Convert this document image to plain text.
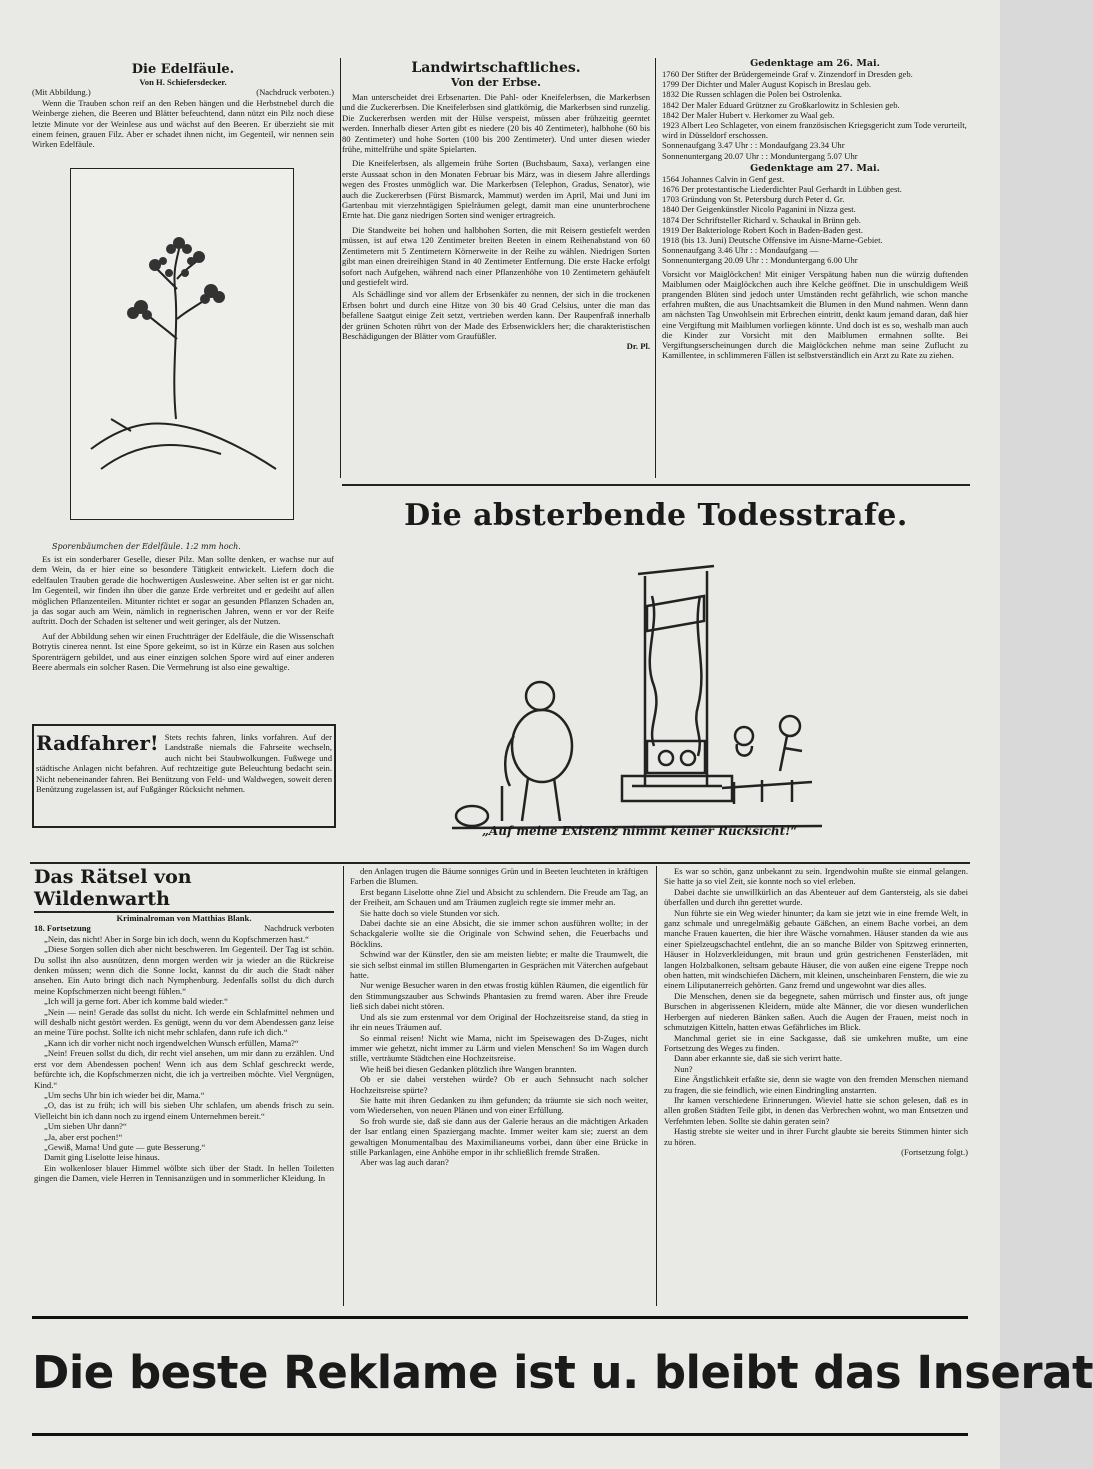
Die Edelfäule.
Von H. Schiefersdecker.
(Mit Abbildung.)	(Nachdruck verboten.)

Wenn die Trauben schon reif an den Reben hängen und die Herbstnebel durch die Weinberge ziehen, die Beeren und Blätter befeuchtend, dann nützt ein Pilz noch diese letzte Minute vor der Weinlese aus und wächst auf den Beeren. Er überzieht sie mit einem feinen, grauen Filz. Aber er schadet ihnen nicht, im Gegenteil, wir nennen sein Wirken Edelfäule.

Sporenbäumchen der Edelfäule. 1:2 mm hoch.

Es ist ein sonderbarer Geselle, dieser Pilz. Man sollte denken, er wachse nur auf dem Wein, da er hier eine so besondere Tätigkeit entwickelt. Liefern doch die edelfaulen Trauben gerade die hochwertigen Auslesweine. Aber selten ist er gar nicht. Im Gegenteil, wir finden ihn über die ganze Erde verbreitet und er gedeiht auf allen möglichen Pflanzenteilen. Mitunter richtet er sogar an gesunden Pflanzen Schaden an, ja das sogar auch am Wein, nämlich in regnerischen Jahren, wenn er vor der Reife auftritt. Doch der Schaden ist seltener und weit geringer, als der Nutzen.

Auf der Abbildung sehen wir einen Fruchtträger der Edelfäule, die die Wissenschaft Botrytis cinerea nennt. Ist eine Spore gekeimt, so ist in Kürze ein Rasen aus solchen Sporenträgern gebildet, und aus einer einzigen solchen Spore wird auf einer anderen Beere abermals ein solcher Rasen. Die Vermehrung ist also eine gewaltige.

Landwirtschaftliches.
Von der Erbse.

Man unterscheidet drei Erbsenarten. Die Pahl- oder Kneifelerbsen, die Markerbsen und die Zuckererbsen. Die Kneifelerbsen sind glattkörnig, die Markerbsen sind runzelig. Die Zuckererbsen werden mit der Hülse verspeist, müssen aber frühzeitig geerntet werden. Innerhalb dieser Arten gibt es niedere (20 bis 40 Zentimeter), halbhohe (60 bis 80 Zentimeter) und hohe Sorten (100 bis 200 Zentimeter). Und unter diesen wieder frühe, mittelfrühe und späte Spielarten.

Die Kneifelerbsen, als allgemein frühe Sorten (Buchsbaum, Saxa), verlangen eine erste Aussaat schon in den Monaten Februar bis März, was in diesem Jahre allerdings wegen des Frostes unmöglich war. Die Markerbsen (Telephon, Gradus, Senator), wie auch die Zuckererbsen (Fürst Bismarck, Mammut) werden im April, Mai und Juni im Gartenbau mit vierzehntägigen Spielräumen gelegt, damit man eine ununterbrochene Ernte hat. Die ganz niedrigen Sorten sind weniger ertragreich.

Die Standweite bei hohen und halbhohen Sorten, die mit Reisern gestiefelt werden müssen, ist auf etwa 120 Zentimeter breiten Beeten in einem Reihenabstand von 60 Zentimetern mit 5 Zentimetern Körnerweite in der Reihe zu wählen. Niedrigen Sorten gibt man einen dreireihigen Stand in 40 Zentimeter Entfernung. Die erste Hacke erfolgt sofort nach Aufgehen, während nach einer Pflanzenhöhe von 10 Zentimetern gehäufelt und gestiefelt wird.

Als Schädlinge sind vor allem der Erbsenkäfer zu nennen, der sich in die trockenen Erbsen bohrt und durch eine Hitze von 30 bis 40 Grad Celsius, unter die man das befallene Saatgut einige Zeit setzt, vertrieben werden kann. Der Raupenfraß innerhalb der grünen Schoten rührt von der Made des Erbsenwicklers her; die charakteristischen Beschädigungen der Blätter vom Graufüßler.

Dr. Pl.
Gedenktage am 26. Mai.

1760 Der Stifter der Brüdergemeinde Graf v. Zinzendorf in Dresden geb.

1799 Der Dichter und Maler August Kopisch in Breslau geb.

1832 Die Russen schlagen die Polen bei Ostrolenka.

1842 Der Maler Eduard Grützner zu Großkarlowitz in Schlesien geb.

1842 Der Maler Hubert v. Herkomer zu Waal geb.

1923 Albert Leo Schlageter, von einem französischen Kriegsgericht zum Tode verurteilt, wird in Düsseldorf erschossen.

Sonnenaufgang 3.47 Uhr : : Mondaufgang 23.34 Uhr
Sonnenuntergang 20.07 Uhr : : Monduntergang 5.07 Uhr
Gedenktage am 27. Mai.

1564 Johannes Calvin in Genf gest.

1676 Der protestantische Liederdichter Paul Gerhardt in Lübben gest.

1703 Gründung von St. Petersburg durch Peter d. Gr.

1840 Der Geigenkünstler Nicolo Paganini in Nizza gest.

1874 Der Schriftsteller Richard v. Schaukal in Brünn geb.

1919 Der Bakteriologe Robert Koch in Baden-Baden gest.

1918 (bis 13. Juni) Deutsche Offensive im Aisne-Marne-Gebiet.

Sonnenaufgang 3.46 Uhr : : Mondaufgang —
Sonnenuntergang 20.09 Uhr : : Monduntergang 6.00 Uhr

Vorsicht vor Maiglöckchen! Mit einiger Verspätung haben nun die würzig duftenden Maiblumen oder Maiglöckchen auch ihre Kelche geöffnet. Die in unschuldigem Weiß prangenden Blüten sind jedoch unter Umständen recht gefährlich, wie schon manche erfahren mußten, die aus Unachtsamkeit die Blumen in den Mund nahmen. Wenn dann am nächsten Tag Unwohlsein mit Erbrechen eintritt, denkt kaum jemand daran, daß hier eine Vergiftung mit Maiblumen vorliegen könnte. Und doch ist es so, weshalb man auch die Kinder zur Vorsicht mit den Maiblumen ermahnen sollte. Bei Vergiftungserscheinungen durch die Maiglöckchen nehme man seine Zuflucht zu Kamillentee, in schlimmeren Fällen ist selbstverständlich ein Arzt zu Rate zu ziehen.

Die absterbende Todesstrafe.
„Auf meine Existenz nimmt keiner Rücksicht!“
Radfahrer! Stets rechts fahren, links vorfahren. Auf der Landstraße niemals die Fahrseite wechseln, auch nicht bei Staubwolkungen. Fußwege und städtische Anlagen nicht befahren. Auf rechtzeitige gute Beleuchtung bedacht sein. Nicht nebeneinander fahren. Bei Benützung von Feld- und Waldwegen, soweit deren Benützung zugelassen ist, auf Fußgänger Rücksicht nehmen.
Das Rätsel von Wildenwarth
Kriminalroman von Matthias Blank.
18. Fortsetzung	Nachdruck verboten

„Nein, das nicht! Aber in Sorge bin ich doch, wenn du Kopfschmerzen hast.“

„Diese Sorgen sollen dich aber nicht beschweren. Im Gegenteil. Der Tag ist schön. Du sollst ihn also ausnützen, denn morgen werden wir ja wieder an die Rückreise denken müssen; wenn dich die Sonne lockt, kannst du dir auch die Stadt näher ansehen. Ein Auto bringt dich nach Nymphenburg. Jedenfalls sollst du dich durch meine Kopfschmerzen nicht beengt fühlen.“

„Ich will ja gerne fort. Aber ich komme bald wieder.“

„Nein — nein! Gerade das sollst du nicht. Ich werde ein Schlafmittel nehmen und will deshalb nicht gestört werden. Es genügt, wenn du vor dem Abendessen ganz leise an meine Türe pochst. Sollte ich nicht mehr schlafen, dann rufe ich dich.“

„Kann ich dir vorher nicht noch irgendwelchen Wunsch erfüllen, Mama?“

„Nein! Freuen sollst du dich, dir recht viel ansehen, um mir dann zu erzählen. Und erst vor dem Abendessen pochen! Wenn ich aus dem Schlaf geschreckt werde, befürchte ich, die Kopfschmerzen nicht, die ich ja vertreiben möchte. Viel Vergnügen, Kind.“

„Um sechs Uhr bin ich wieder bei dir, Mama.“

„O, das ist zu früh; ich will bis sieben Uhr schlafen, um abends frisch zu sein. Vielleicht bin ich dann noch zu irgend einem Unternehmen bereit.“

„Um sieben Uhr dann?“

„Ja, aber erst pochen!“

„Gewiß, Mama! Und gute — gute Besserung.“

Damit ging Liselotte leise hinaus.

Ein wolkenloser blauer Himmel wölbte sich über der Stadt. In hellen Toiletten gingen die Damen, viele Herren in Tennisanzügen und in sommerlicher Kleidung. In

den Anlagen trugen die Bäume sonniges Grün und in Beeten leuchteten in kräftigen Farben die Blumen.

Erst begann Liselotte ohne Ziel und Absicht zu schlendern. Die Freude am Tag, an der Freiheit, am Schauen und am Träumen zugleich regte sie immer mehr an.

Sie hatte doch so viele Stunden vor sich.

Dabei dachte sie an eine Absicht, die sie immer schon ausführen wollte; in der Schackgalerie wollte sie die Originale von Schwind sehen, die Feuerbachs und Böcklins.

Schwind war der Künstler, den sie am meisten liebte; er malte die Traumwelt, die sie sich selbst einmal im stillen Blumengarten in Gesprächen mit Väterchen aufgebaut hatte.

Nur wenige Besucher waren in den etwas frostig kühlen Räumen, die eigentlich für den Stimmungszauber aus Schwinds Phantasien zu fremd waren. Aber ihre Freude ließ sich dabei nicht stören.

Und als sie zum erstenmal vor dem Original der Hochzeitsreise stand, da stieg in ihr ein neues Träumen auf.

So einmal reisen! Nicht wie Mama, nicht im Speisewagen des D-Zuges, nicht immer wie gehetzt, nicht immer zu Lärm und vielen Menschen! So im Wagen durch stille, verträumte Städtchen eine Hochzeitsreise.

Wie heiß bei diesen Gedanken plötzlich ihre Wangen brannten.

Ob er sie dabei verstehen würde? Ob er auch Sehnsucht nach solcher Hochzeitsreise spürte?

Sie hatte mit ihren Gedanken zu ihm gefunden; da träumte sie sich noch weiter, vom Wiedersehen, von neuen Plänen und von einer Erfüllung.

So froh wurde sie, daß sie dann aus der Galerie heraus an die mächtigen Arkaden der Isar entlang einen Spaziergang machte. Immer weiter kam sie; zuerst an dem gewaltigen Monumentalbau des Maximilianeums vorbei, dann über eine Brücke in stille Parkanlagen, eine Anhöhe empor in ihr schließlich fremde Straßen.

Aber was lag auch daran?

Es war so schön, ganz unbekannt zu sein. Irgendwohin mußte sie einmal gelangen. Sie hatte ja so viel Zeit, sie konnte noch so viel erleben.

Dabei dachte sie unwillkürlich an das Abenteuer auf dem Gantersteig, als sie dabei überfallen und durch ihn gerettet wurde.

Nun führte sie ein Weg wieder hinunter; da kam sie jetzt wie in eine fremde Welt, in ganz schmale und unregelmäßig gebaute Gäßchen, an einem Bache vorbei, an dem manche Frauen kauerten, die hier ihre Wäsche vornahmen. Häuser standen da wie aus einer Spielzeugschachtel entlehnt, die an so manche Bilder von Spitzweg erinnerten, Häuser in Holzverkleidungen, mit braun und grün gestrichenen Fensterläden, mit langen Holzbalkonen, seltsam gebaute Häuser, die von außen eine eigene Treppe noch oben hatten, mit windschiefen Dächern, mit kleinen, unscheinbaren Fenstern, die wie zu einem Liliputanerreich gehörten. Ganz fremd und ungewohnt war dies alles.

Die Menschen, denen sie da begegnete, sahen mürrisch und finster aus, oft junge Burschen in abgerissenen Kleidern, müde alte Männer, die vor diesen wunderlichen Herbergen auf niederen Bänken saßen. Auch die Augen der Frauen, meist noch in schmutzigen Kitteln, hatten etwas Gefährliches im Blick.

Manchmal geriet sie in eine Sackgasse, daß sie umkehren mußte, um eine Fortsetzung des Weges zu finden.

Dann aber erkannte sie, daß sie sich verirrt hatte.

Nun?

Eine Ängstlichkeit erfaßte sie, denn sie wagte von den fremden Menschen niemand zu fragen, die sie feindlich, wie einen Eindringling anstarrten.

Ihr kamen verschiedene Erinnerungen. Wieviel hatte sie schon gelesen, daß es in allen großen Städten Teile gibt, in denen das Verbrechen wohnt, wo man Entsetzen und Verfehmten leben. Sollte sie dahin geraten sein?

Hastig strebte sie weiter und in ihrer Furcht glaubte sie bereits Stimmen hinter sich zu hören.

(Fortsetzung folgt.)
Die beste Reklame ist u. bleibt das Inserat
